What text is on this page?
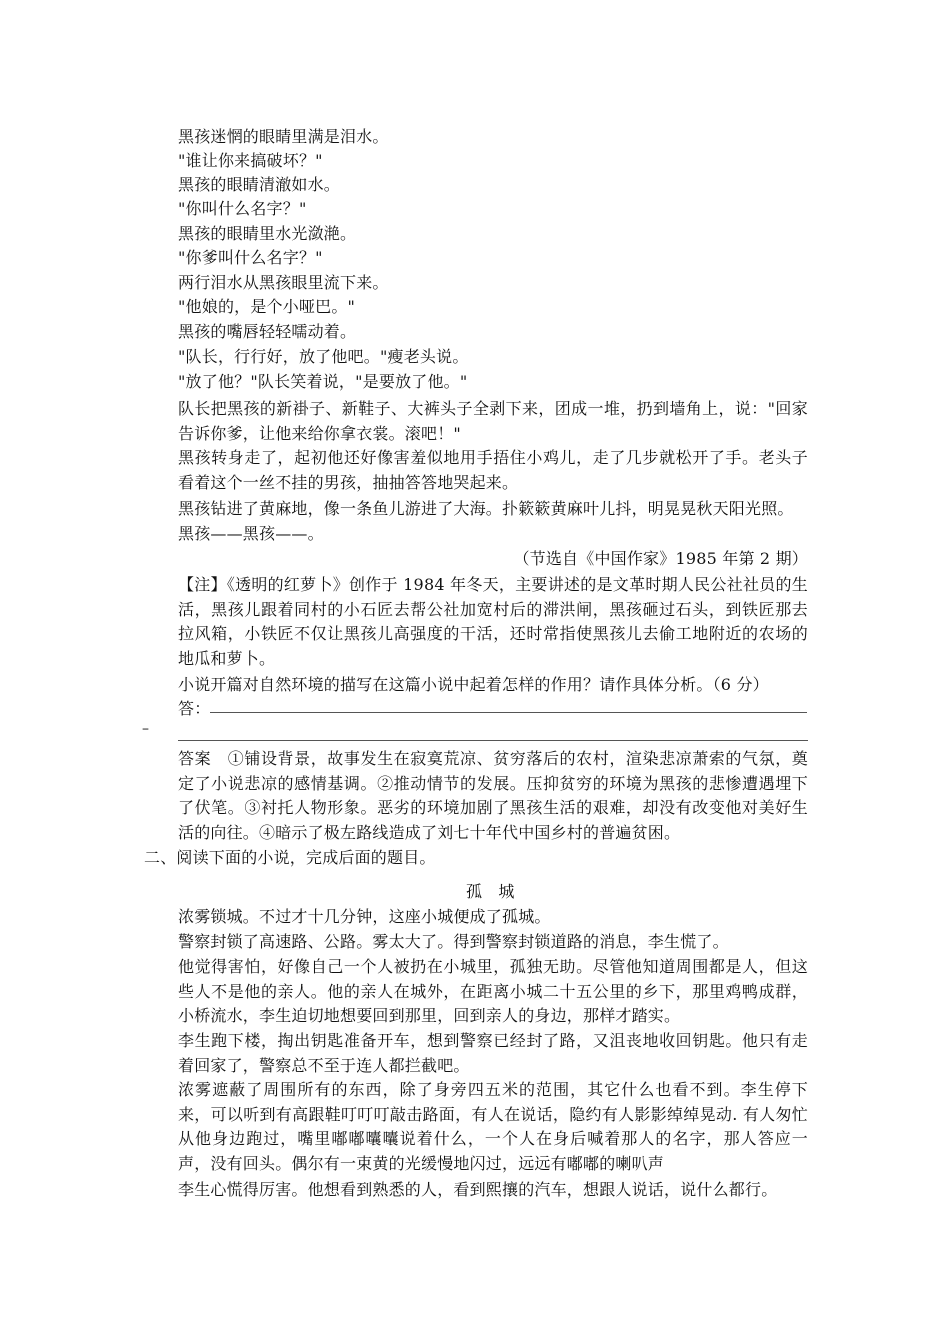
黑孩迷惘的眼睛里满是泪水。
"谁让你来搞破坏？"
黑孩的眼睛清澈如水。
"你叫什么名字？"
黑孩的眼睛里水光潋滟。
"你爹叫什么名字？"
两行泪水从黑孩眼里流下来。
"他娘的，是个小哑巴。"
黑孩的嘴唇轻轻嚅动着。
"队长，行行好，放了他吧。"瘦老头说。
"放了他？"队长笑着说，"是要放了他。"
队长把黑孩的新褂子、新鞋子、大裤头子全剥下来，团成一堆，扔到墙角上，说："回家告诉你爹，让他来给你拿衣裳。滚吧！"
黑孩转身走了，起初他还好像害羞似地用手捂住小鸡儿，走了几步就松开了手。老头子看着这个一丝不挂的男孩，抽抽答答地哭起来。
黑孩钻进了黄麻地，像一条鱼儿游进了大海。扑簌簌黄麻叶儿抖，明晃晃秋天阳光照。
黑孩——黑孩——。
（节选自《中国作家》1985 年第 2 期）
【注】《透明的红萝卜》创作于 1984 年冬天，主要讲述的是文革时期人民公社社员的生活，黑孩儿跟着同村的小石匠去帮公社加宽村后的滞洪闸，黑孩砸过石头，到铁匠那去拉风箱，小铁匠不仅让黑孩儿高强度的干活，还时常指使黑孩儿去偷工地附近的农场的地瓜和萝卜。
小说开篇对自然环境的描写在这篇小说中起着怎样的作用？请作具体分析。（6 分）
答：
–
答案　①铺设背景，故事发生在寂寞荒凉、贫穷落后的农村，渲染悲凉萧索的气氛，奠定了小说悲凉的感情基调。②推动情节的发展。压抑贫穷的环境为黑孩的悲惨遭遇埋下了伏笔。③衬托人物形象。恶劣的环境加剧了黑孩生活的艰难，却没有改变他对美好生活的向往。④暗示了极左路线造成了刘七十年代中国乡村的普遍贫困。
二、阅读下面的小说，完成后面的题目。
孤　城
浓雾锁城。不过才十几分钟，这座小城便成了孤城。
警察封锁了高速路、公路。雾太大了。得到警察封锁道路的消息，李生慌了。
他觉得害怕，好像自己一个人被扔在小城里，孤独无助。尽管他知道周围都是人，但这些人不是他的亲人。他的亲人在城外，在距离小城二十五公里的乡下，那里鸡鸭成群，小桥流水，李生迫切地想要回到那里，回到亲人的身边，那样才踏实。
李生跑下楼，掏出钥匙准备开车，想到警察已经封了路，又沮丧地收回钥匙。他只有走着回家了，警察总不至于连人都拦截吧。
浓雾遮蔽了周围所有的东西，除了身旁四五米的范围，其它什么也看不到。李生停下来，可以听到有高跟鞋叮叮叮敲击路面，有人在说话，隐约有人影影绰绰晃动. 有人匆忙从他身边跑过，嘴里嘟嘟囔囔说着什么，一个人在身后喊着那人的名字，那人答应一声，没有回头。偶尔有一束黄的光缓慢地闪过，远远有嘟嘟的喇叭声
李生心慌得厉害。他想看到熟悉的人，看到熙攘的汽车，想跟人说话，说什么都行。
